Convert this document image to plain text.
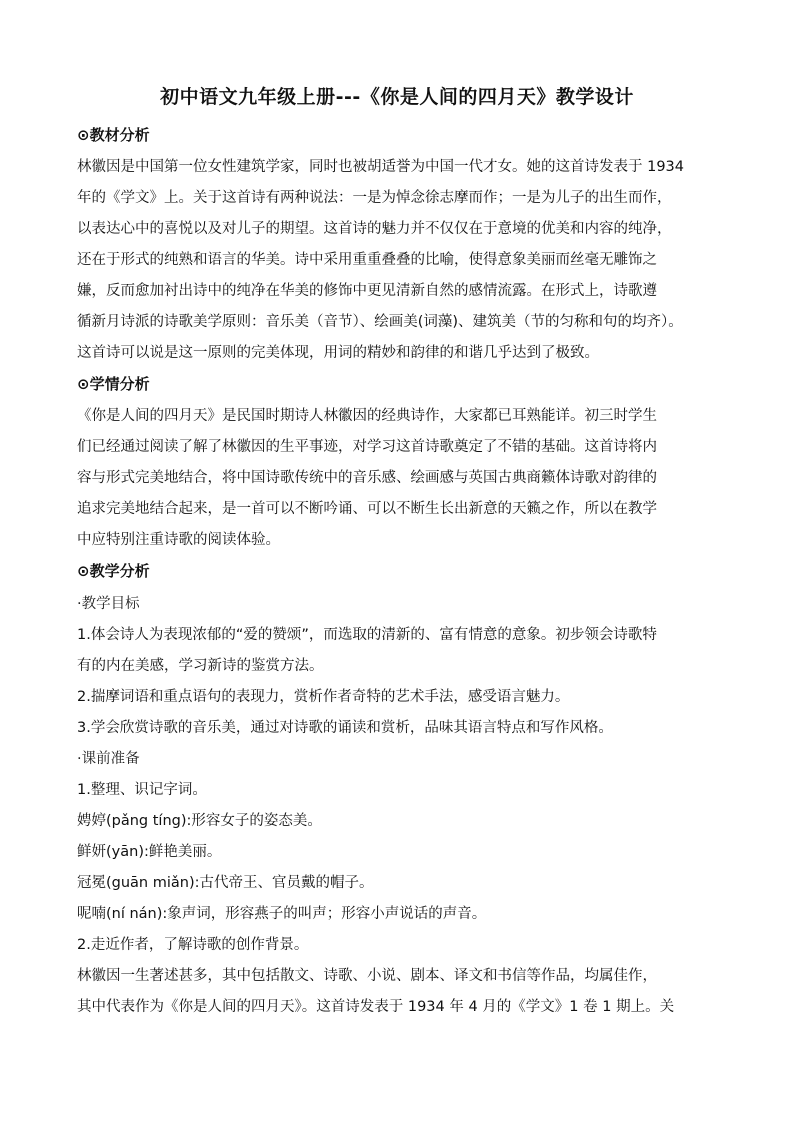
初中语文九年级上册---《你是人间的四月天》教学设计
⊙教材分析
林徽因是中国第一位女性建筑学家，同时也被胡适誉为中国一代才女。她的这首诗发表于 1934
年的《学文》上。关于这首诗有两种说法：一是为悼念徐志摩而作；一是为儿子的出生而作，
以表达心中的喜悦以及对儿子的期望。这首诗的魅力并不仅仅在于意境的优美和内容的纯净，
还在于形式的纯熟和语言的华美。诗中采用重重叠叠的比喻，使得意象美丽而丝毫无雕饰之
嫌，反而愈加衬出诗中的纯净在华美的修饰中更见清新自然的感情流露。在形式上，诗歌遵
循新月诗派的诗歌美学原则：音乐美（音节）、绘画美(词藻)、建筑美（节的匀称和句的均齐）。
这首诗可以说是这一原则的完美体现，用词的精妙和韵律的和谐几乎达到了极致。
⊙学情分析
《你是人间的四月天》是民国时期诗人林徽因的经典诗作，大家都已耳熟能详。初三时学生
们已经通过阅读了解了林徽因的生平事迹，对学习这首诗歌奠定了不错的基础。这首诗将内
容与形式完美地结合，将中国诗歌传统中的音乐感、绘画感与英国古典商籁体诗歌对韵律的
追求完美地结合起来，是一首可以不断吟诵、可以不断生长出新意的天籁之作，所以在教学
中应特别注重诗歌的阅读体验。
⊙教学分析
·教学目标
1.体会诗人为表现浓郁的“爱的赞颂”，而选取的清新的、富有情意的意象。初步领会诗歌特
有的内在美感，学习新诗的鉴赏方法。
2.揣摩词语和重点语句的表现力，赏析作者奇特的艺术手法，感受语言魅力。
3.学会欣赏诗歌的音乐美，通过对诗歌的诵读和赏析，品味其语言特点和写作风格。
·课前准备
1.整理、识记字词。
娉婷(pǎng tíng):形容女子的姿态美。
鲜妍(yān):鲜艳美丽。
冠冕(guān miǎn):古代帝王、官员戴的帽子。
呢喃(ní nán):象声词，形容燕子的叫声；形容小声说话的声音。
2.走近作者，了解诗歌的创作背景。
林徽因一生著述甚多，其中包括散文、诗歌、小说、剧本、译文和书信等作品，均属佳作，
其中代表作为《你是人间的四月天》。这首诗发表于 1934 年 4 月的《学文》1 卷 1 期上。关
